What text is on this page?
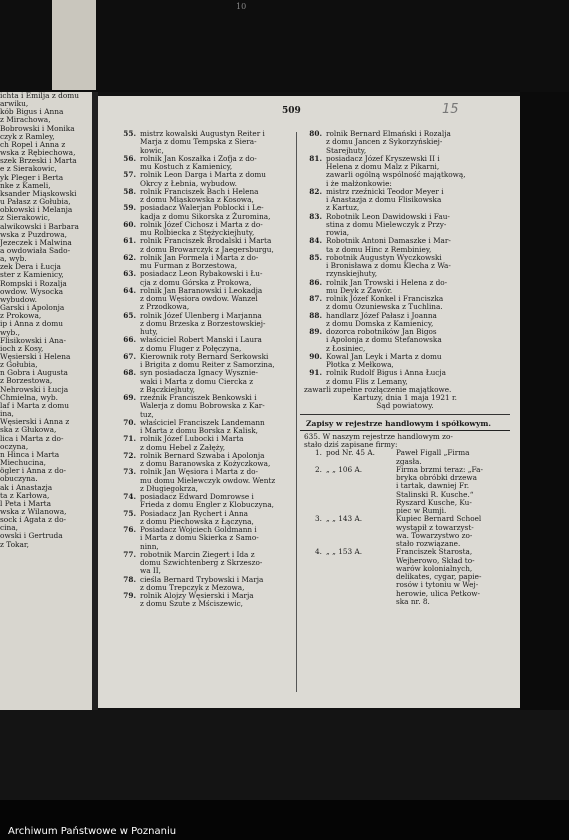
10
ichta i Emilja z domu
arwiku,
kób Bigus i Anna
z Mirachowa,
Bobrowski i Monika
czyk z Ramley,
ch Ropel i Anna z
wska z Rębiechowa,
szek Brzeski i Marta
e z Sierakowic,
yk Pleger i Berta
nke z Kameli,
ksander Miąskowski
u Pałasz z Gołubia,
obkowski i Melanja
z Sierakowic,
alwikowski i Barbara
wska z Puzdrowa,
Jezeczek i Malwina
a owdowiała Sado-
a, wyb.
zek Dera i Łucja
ster z Kamienicy,
Rompski i Rozalja
owdow. Wysocka
wybudow.
Garski i Apolonja
z Prokowa,
ip i Anna z domu
wyb.,
Flisikowski i Ana-
ioch z Kosy,
Węsierski i Helena
z Gołubia,
n Gobra i Augusta
z Borzestowa,
Nehrowski i Łucja
Chmielna, wyb.
laf i Marta z domu
ina,
Węsierski i Anna z
ska z Głukowa,
lica i Marta z do-
oczyna,
n Hinca i Marta
Miechucina,
ögler i Anna z do-
obuczyna.
ak i Anastazja
ta z Karłowa,
l Peta i Marta
wska z Wilanowa,
sock i Agata z do-
cina,
owski i Gertruda
z Tokar,
509	15
55. mistrz kowalski Augustyn Reiter i
Marja z domu Tempska z Siera-
kowic,
56. rolnik Jan Koszałka i Zofja z do-
mu Kostuch z Kamienicy,
57. rolnik Leon Darga i Marta z domu
Okrcy z Łebnia, wybudow.
58. rolnik Franciszek Bach i Helena
z domu Miąskowska z Kosowa,
59. posiadacz Walerjan Poblocki i Le-
kadja z domu Sikorska z Żuromina,
60. rolnik Józef Cichosz i Marta z do-
mu Rolbiecka z Stężyckiejhuty,
61. rolnik Franciszek Brodalski i Marta
z domu Browarczyk z Jaegersburgu,
62. rolnik Jan Formela i Marta z do-
mu Furman z Borzestowa,
63. posiadacz Leon Rybakowski i Łu-
cja z domu Górska z Prokowa,
64. rolnik Jan Baranowski i Leokadja
z domu Węsiora owdow. Wanzel
z Przodkowa,
65. rolnik Józef Ulenberg i Marjanna
z domu Brzeska z Borzestowskiej-
huty,
66. właściciel Robert Manski i Laura
z domu Fluger z Połęczyna,
67. Kierownik roty Bernard Serkowski
i Brigita z domu Reiter z Samorzina,
68. syn posiadacza Ignacy Wysznie-
waki i Marta z domu Ciercka z
z Bączkiejhuty,
69. rzeźnik Franciszek Benkowski i
Walerja z domu Bobrowska z Kar-
tuz,
70. właściciel Franciszek Landemann
i Marta z domu Borska z Kalisk,
71. rolnik Józef Lubocki i Marta
z domu Hebel z Załęży,
72. rolnik Bernard Szwaba i Apolonja
z domu Baranowska z Kożyczkowa,
73. rolnik Jan Węsiora i Marta z do-
mu domu Mielewczyk owdow. Wentz
z Długiegokrza,
74. posiadacz Edward Domrowse i
Frieda z domu Engler z Klobuczyna,
75. Posiadacz Jan Rychert i Anna
z domu Piechowska z Łączyna,
76. Posiadacz Wojciech Goldmann i
i Marta z domu Skierka z Samo-
ninn,
77. robotnik Marcin Ziegert i Ida z
domu Szwichtenberg z Skrzeszo-
wa II,
78. cieśla Bernard Trybowski i Marja
z domu Trepczyk z Mezowa,
79. rolnik Alojzy Węsierski i Marja
z domu Szute z Mściszewic,
80. rolnik Bernard Elmański i Rozalja
z domu Jancen z Sykorzyńskiej-
Starejhuty,
81. posiadacz Józef Kryszewski II i
Helena z domu Malz z Pikarni,
zawarli ogólną wspólność majątkową,
i że małżonkowie:
82. mistrz rzeźnicki Teodor Meyer i
i Anastazja z domu Flisikowska
z Kartuz,
83. Robotnik Leon Dawidowski i Fau-
stina z domu Mielewczyk z Przy-
rowia,
84. Robotnik Antoni Damaszke i Mar-
ta z domu Hinc z Rembiniey,
85. robotnik Augustyn Wyczkowski
i Bronisława z domu Klecha z Wa-
rzynskiejhuty,
86. rolnik Jan Trowski i Helena z do-
mu Deyk z Zawór.
87. rolnik Józef Konkel i Franciszka
z domu Ozuniewska z Tuchlina.
88. handlarz Józef Pałasz i Joanna
z domu Domska z Kamienicy,
89. dozorca robotników Jan Bigos
i Apolonja z domu Stefanowska
z Łosiniec,
90. Kowal Jan Leyk i Marta z domu
Płotka z Mełkowa,
91. rolnik Rudolf Bigus i Anna Łucja
z domu Flis z Lemany,
zawarli zupełne rozłączenie majątkowe.
Kartuzy, dnia 1 maja 1921 r.
Sąd powiatowy.
Zapisy w rejestrze handlowym i spółkowym.
635. W naszym rejestrze handlowym zo-
stało dziś zapisane firmy:
1. pod Nr. 45 A.	Paweł Figall „Firma
zgasła.
2. „ „ 106 A.	Firma brzmi teraz: „Fa-
bryka obróbki drzewa
i tartak, dawniej Fr.
Stalinski R. Kusche.“
Ryszard Kusche, Ku-
piec w Rumji.
3. „ „ 143 A.	Kupiec Bernard Schoel
wystąpił z towarzyst-
wa. Towarzystwo zo-
stało rozwiązane.
4. „ „ 153 A.	Franciszek Starosta,
Wejherowo, Skład to-
warów kolonialnych,
delikates, cygar, papie-
rosów i tytoniu w Wej-
herowie, ulica Petkow-
ska nr. 8.
Archiwum Państwowe w Poznaniu
